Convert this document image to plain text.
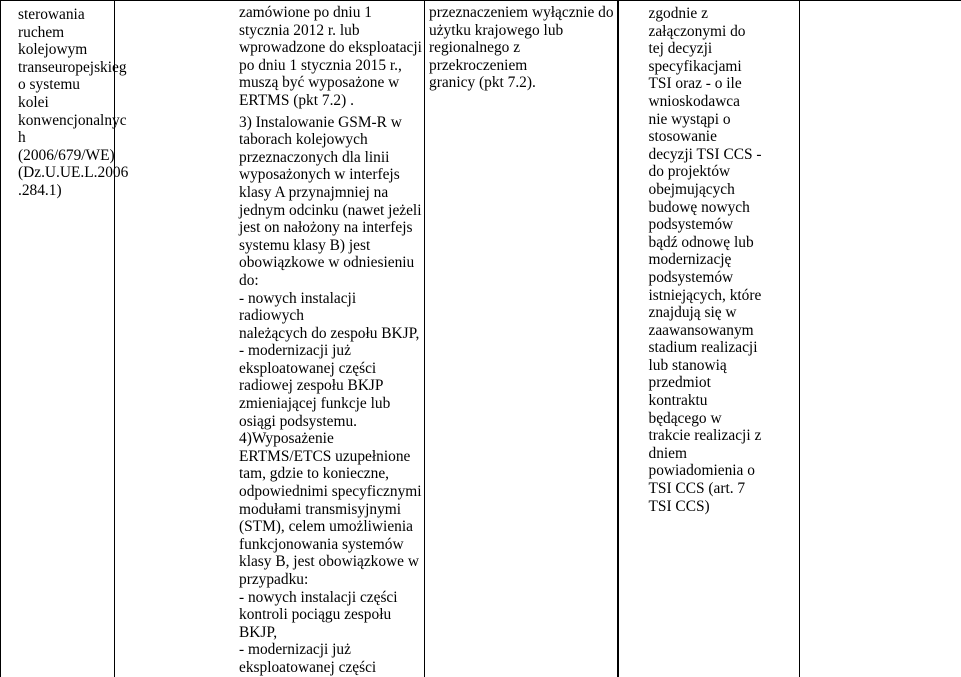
sterowania
ruchem
kolejowym
transeuropejskieg
o systemu kolei
konwencjonalnyc
h (2006/679/WE)
(Dz.U.UE.L.2006
.284.1)

zamówione po dniu 1
stycznia 2012 r. lub
wprowadzone do eksploatacji
po dniu 1 stycznia 2015 r.,
muszą być wyposażone w
ERTMS (pkt 7.2) .
3) Instalowanie GSM-R w
taborach kolejowych
przeznaczonych dla linii
wyposażonych w interfejs
klasy A przynajmniej na
jednym odcinku (nawet jeżeli
jest on nałożony na interfejs
systemu klasy B) jest
obowiązkowe w odniesieniu
do:
- nowych instalacji radiowych
należących do zespołu BKJP,
- modernizacji już
eksploatowanej części
radiowej zespołu BKJP
zmieniającej funkcje lub
osiągi podsystemu.
4)Wyposażenie
ERTMS/ETCS uzupełnione
tam, gdzie to konieczne,
odpowiednimi specyficznymi
modułami transmisyjnymi
(STM), celem umożliwienia
funkcjonowania systemów
klasy B, jest obowiązkowe w
przypadku:
- nowych instalacji części
kontroli pociągu zespołu
BKJP,
- modernizacji już
eksploatowanej części

przeznaczeniem wyłącznie do
użytku krajowego lub
regionalnego z przekroczeniem
granicy (pkt 7.2).

zgodnie z
załączonymi do
tej decyzji
specyfikacjami
TSI oraz - o ile
wnioskodawca
nie wystąpi o
stosowanie
decyzji TSI CCS -
do projektów
obejmujących
budowę nowych
podsystemów
bądź odnowę lub
modernizację
podsystemów
istniejących, które
znajdują się w
zaawansowanym
stadium realizacji
lub stanowią
przedmiot
kontraktu
będącego w
trakcie realizacji z
dniem
powiadomienia o
TSI CCS (art. 7
TSI CCS)
